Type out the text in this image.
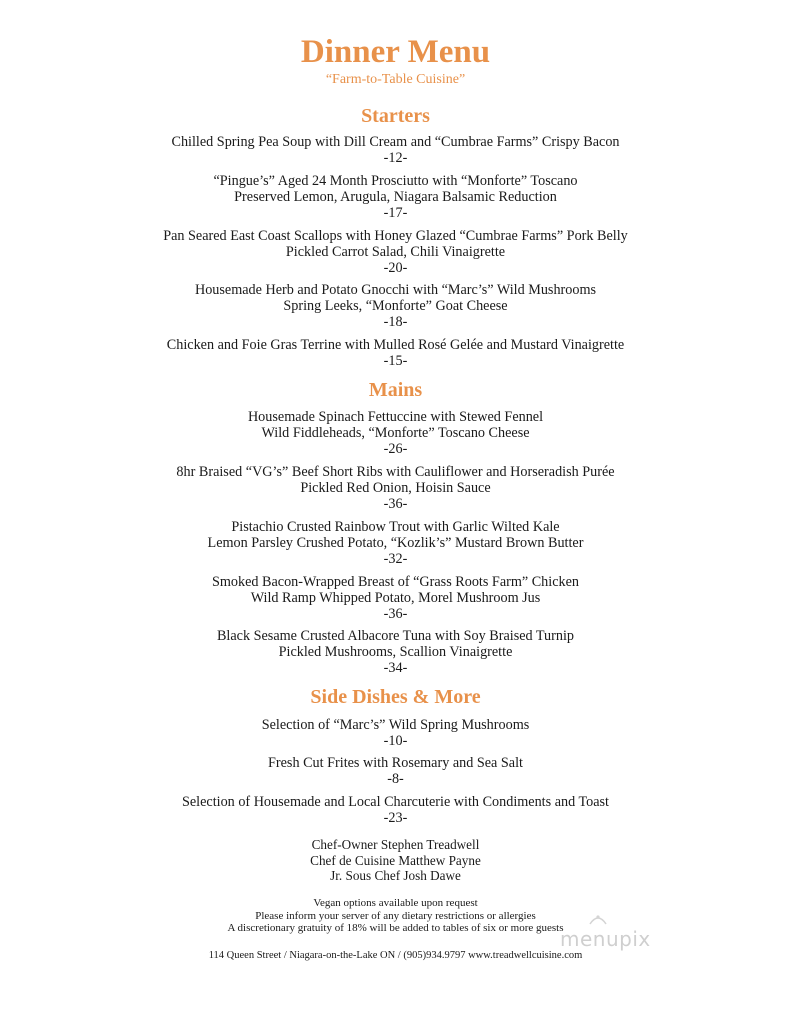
Dinner Menu
“Farm-to-Table Cuisine”
Starters
Chilled Spring Pea Soup with Dill Cream and “Cumbrae Farms” Crispy Bacon
-12-
“Pingue’s” Aged 24 Month Prosciutto with “Monforte” Toscano
Preserved Lemon, Arugula, Niagara Balsamic Reduction
-17-
Pan Seared East Coast Scallops with Honey Glazed “Cumbrae Farms” Pork Belly
Pickled Carrot Salad, Chili Vinaigrette
-20-
Housemade Herb and Potato Gnocchi with “Marc’s” Wild Mushrooms
Spring Leeks, “Monforte” Goat Cheese
-18-
Chicken and Foie Gras Terrine with Mulled Rosé Gelée and Mustard Vinaigrette
-15-
Mains
Housemade Spinach Fettuccine with Stewed Fennel
Wild Fiddleheads, “Monforte” Toscano Cheese
-26-
8hr Braised “VG’s” Beef Short Ribs with Cauliflower and Horseradish Purée
Pickled Red Onion, Hoisin Sauce
-36-
Pistachio Crusted Rainbow Trout with Garlic Wilted Kale
Lemon Parsley Crushed Potato, “Kozlik’s” Mustard Brown Butter
-32-
Smoked Bacon-Wrapped Breast of “Grass Roots Farm” Chicken
Wild Ramp Whipped Potato, Morel Mushroom Jus
-36-
Black Sesame Crusted Albacore Tuna with Soy Braised Turnip
Pickled Mushrooms, Scallion Vinaigrette
-34-
Side Dishes & More
Selection of “Marc’s” Wild Spring Mushrooms
-10-
Fresh Cut Frites with Rosemary and Sea Salt
-8-
Selection of Housemade and Local Charcuterie with Condiments and Toast
-23-
Chef-Owner Stephen Treadwell
Chef de Cuisine Matthew Payne
Jr. Sous Chef Josh Dawe
Vegan options available upon request
Please inform your server of any dietary restrictions or allergies
A discretionary gratuity of 18% will be added to tables of six or more guests
114 Queen Street / Niagara-on-the-Lake ON / (905)934.9797 www.treadwellcuisine.com
menupix
